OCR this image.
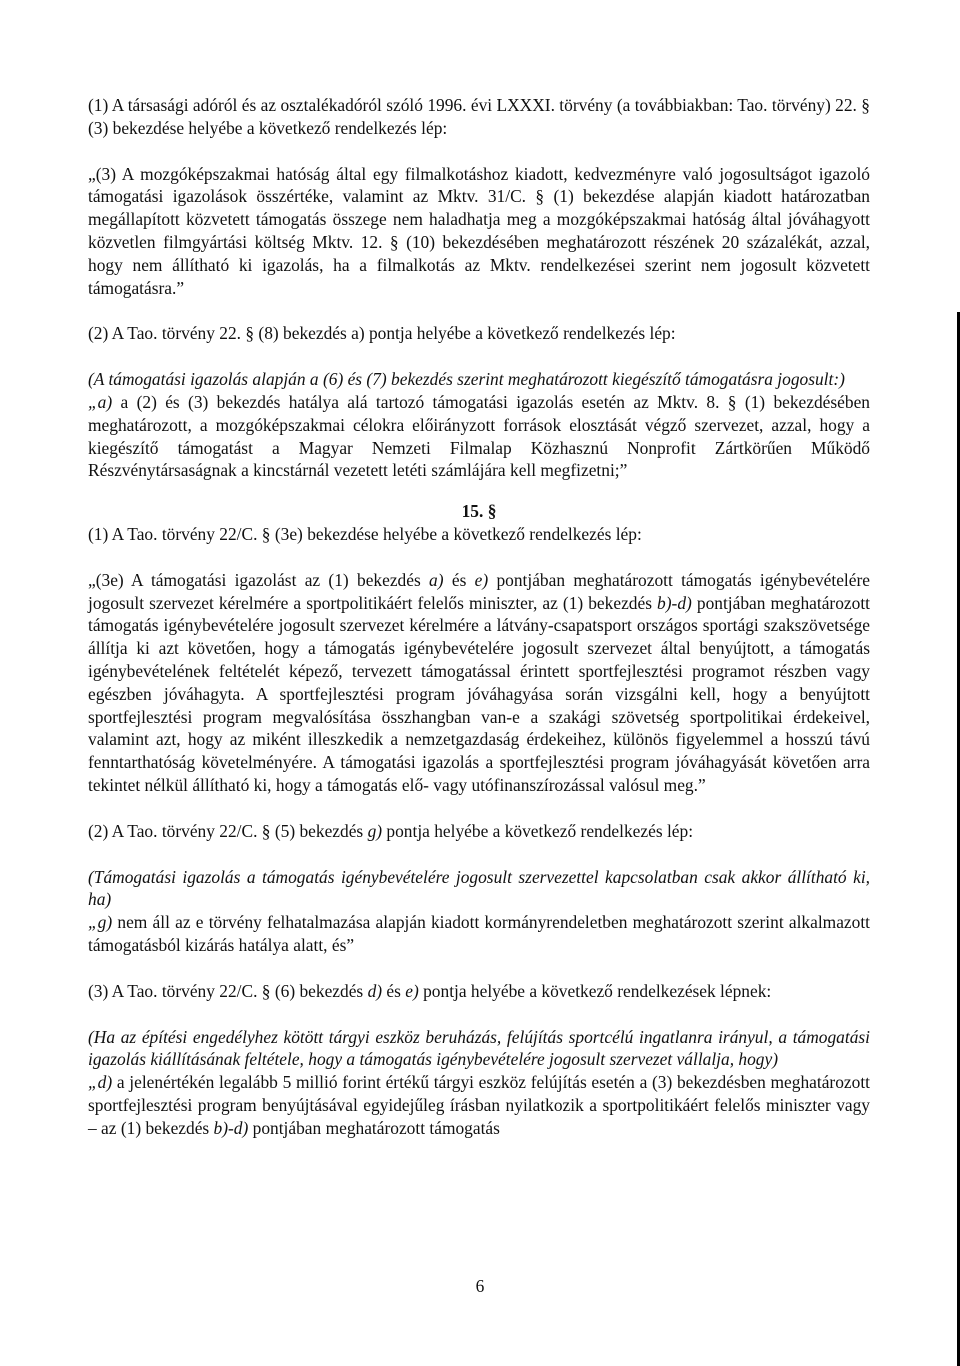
(1) A társasági adóról és az osztalékadóról szóló 1996. évi LXXXI. törvény (a továbbiakban: Tao. törvény) 22. § (3) bekezdése helyébe a következő rendelkezés lép:

„(3) A mozgóképszakmai hatóság által egy filmalkotáshoz kiadott, kedvezményre való jogosultságot igazoló támogatási igazolások összértéke, valamint az Mktv. 31/C. § (1) bekezdése alapján kiadott határozatban megállapított közvetett támogatás összege nem haladhatja meg a mozgóképszakmai hatóság által jóváhagyott közvetlen filmgyártási költség Mktv. 12. § (10) bekezdésében meghatározott részének 20 százalékát, azzal, hogy nem állítható ki igazolás, ha a filmalkotás az Mktv. rendelkezései szerint nem jogosult közvetett támogatásra.”

(2) A Tao. törvény 22. § (8) bekezdés a) pontja helyébe a következő rendelkezés lép:

(A támogatási igazolás alapján a (6) és (7) bekezdés szerint meghatározott kiegészítő támogatásra jogosult:)

„a) a (2) és (3) bekezdés hatálya alá tartozó támogatási igazolás esetén az Mktv. 8. § (1) bekezdésében meghatározott, a mozgóképszakmai célokra előirányzott források elosztását végző szervezet, azzal, hogy a kiegészítő támogatást a Magyar Nemzeti Filmalap Közhasznú Nonprofit Zártkörűen Működő Részvénytársaságnak a kincstárnál vezetett letéti számlájára kell megfizetni;”

15. §

(1) A Tao. törvény 22/C. § (3e) bekezdése helyébe a következő rendelkezés lép:

„(3e) A támogatási igazolást az (1) bekezdés a) és e) pontjában meghatározott támogatás igénybevételére jogosult szervezet kérelmére a sportpolitikáért felelős miniszter, az (1) bekezdés b)-d) pontjában meghatározott támogatás igénybevételére jogosult szervezet kérelmére a látvány-csapatsport országos sportági szakszövetsége állítja ki azt követően, hogy a támogatás igénybevételére jogosult szervezet által benyújtott, a támogatás igénybevételének feltételét képező, tervezett támogatással érintett sportfejlesztési programot részben vagy egészben jóváhagyta. A sportfejlesztési program jóváhagyása során vizsgálni kell, hogy a benyújtott sportfejlesztési program megvalósítása összhangban van-e a szakági szövetség sportpolitikai érdekeivel, valamint azt, hogy az miként illeszkedik a nemzetgazdaság érdekeihez, különös figyelemmel a hosszú távú fenntarthatóság követelményére. A támogatási igazolás a sportfejlesztési program jóváhagyását követően arra tekintet nélkül állítható ki, hogy a támogatás elő- vagy utófinanszírozással valósul meg.”

(2) A Tao. törvény 22/C. § (5) bekezdés g) pontja helyébe a következő rendelkezés lép:

(Támogatási igazolás a támogatás igénybevételére jogosult szervezettel kapcsolatban csak akkor állítható ki, ha)

„g) nem áll az e törvény felhatalmazása alapján kiadott kormányrendeletben meghatározott szerint alkalmazott támogatásból kizárás hatálya alatt, és”

(3) A Tao. törvény 22/C. § (6) bekezdés d) és e) pontja helyébe a következő rendelkezések lépnek:

(Ha az építési engedélyhez kötött tárgyi eszköz beruházás, felújítás sportcélú ingatlanra irányul, a támogatási igazolás kiállításának feltétele, hogy a támogatás igénybevételére jogosult szervezet vállalja, hogy)

„d) a jelenértékén legalább 5 millió forint értékű tárgyi eszköz felújítás esetén a (3) bekezdésben meghatározott sportfejlesztési program benyújtásával egyidejűleg írásban nyilatkozik a sportpolitikáért felelős miniszter vagy – az (1) bekezdés b)-d) pontjában meghatározott támogatás

6
